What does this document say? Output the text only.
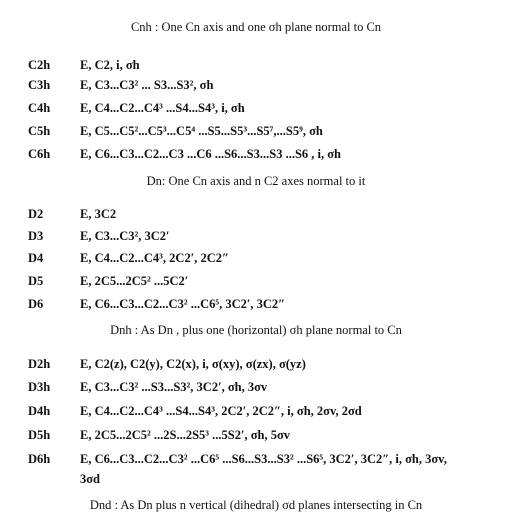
Cnh : One Cn axis and one σh plane normal to Cn
C2h E, C2, i, σh
C3h E, C3...C3² ... S3...S3², σh
C4h E, C4...C2...C4³ ...S4...S4³, i, σh
C5h E, C5...C5²...C5³...C5⁴ ...S5...S5³...S5⁷,...S5⁹, σh
C6h E, C6...C3...C2...C3 ...C6 ...S6...S3...S3 ...S6 , i, σh
Dn: One Cn axis and n C2 axes normal to it
D2	E, 3C2
D3	E, C3...C3², 3C2′
D4	E, C4...C2...C4³, 2C2′, 2C2″
D5	E, 2C5...2C5² ...5C2′
D6	E, C6...C3...C2...C3² ...C6⁵, 3C2′, 3C2″
Dnh : As Dn , plus one (horizontal) σh plane normal to Cn
D2h E, C2(z), C2(y), C2(x), i, σ(xy), σ(zx), σ(yz)
D3h E, C3...C3² ...S3...S3², 3C2′, σh, 3σv
D4h E, C4...C2...C4³ ...S4...S4³, 2C2′, 2C2″, i, σh, 2σv, 2σd
D5h E, 2C5...2C5² ...2S...2S5³ ...5S2′, σh, 5σv
D6h E, C6...C3...C2...C3² ...C6⁵ ...S6...S3...S3² ...S6⁵, 3C2′, 3C2″, i, σh, 3σv,
3σd
Dnd : As Dn plus n vertical (dihedral) σd planes intersecting in Cn
